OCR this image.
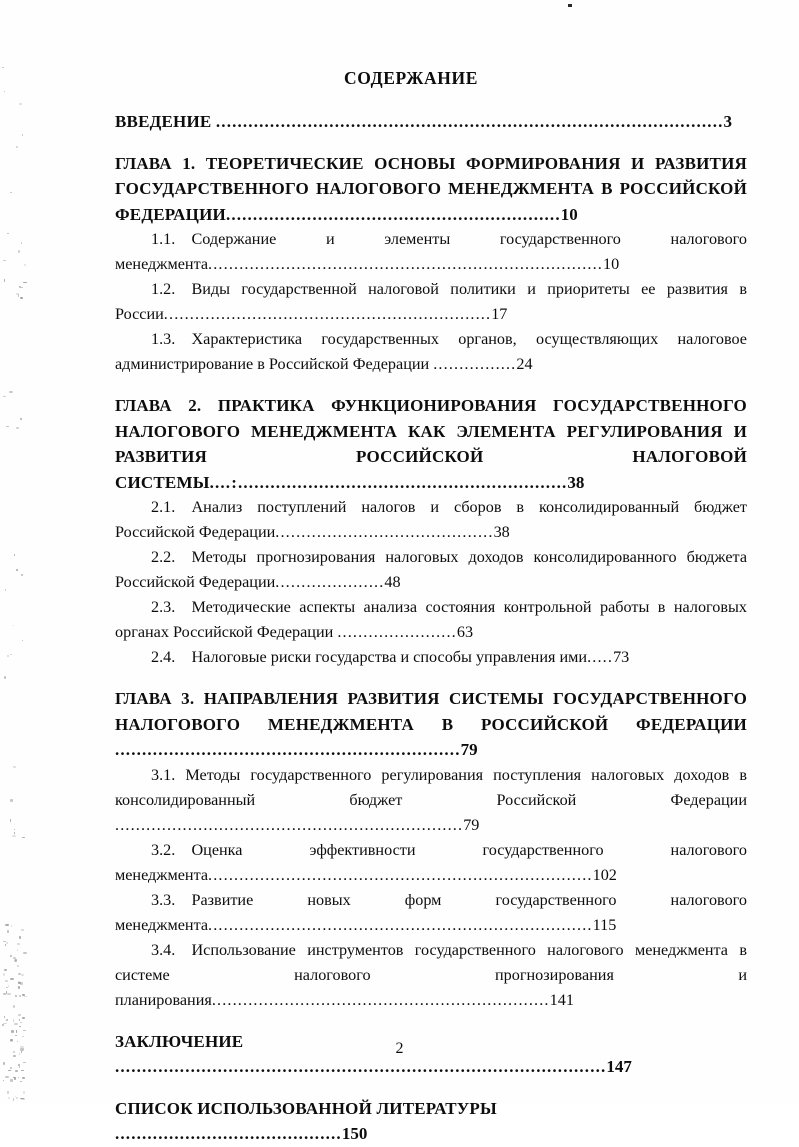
СОДЕРЖАНИЕ
ВВЕДЕНИЕ ..............................................................................................3
ГЛАВА 1. ТЕОРЕТИЧЕСКИЕ ОСНОВЫ ФОРМИРОВАНИЯ И РАЗВИТИЯ ГОСУДАРСТВЕННОГО НАЛОГОВОГО МЕНЕДЖМЕНТА В РОССИЙСКОЙ ФЕДЕРАЦИИ..............................................................10
1.1. Содержание и элементы государственного налогового менеджмента............................................................................10
1.2. Виды государственной налоговой политики и приоритеты ее развития в России...............................................................17
1.3. Характеристика государственных органов, осуществляющих налоговое администрирование в Российской Федерации ................24
ГЛАВА 2. ПРАКТИКА ФУНКЦИОНИРОВАНИЯ ГОСУДАРСТВЕННОГО НАЛОГОВОГО МЕНЕДЖМЕНТА КАК ЭЛЕМЕНТА РЕГУЛИРОВАНИЯ И РАЗВИТИЯ РОССИЙСКОЙ НАЛОГОВОЙ СИСТЕМЫ....:.............................................................38
2.1. Анализ поступлений налогов и сборов в консолидированный бюджет Российской Федерации..........................................38
2.2. Методы прогнозирования налоговых доходов консолидированного бюджета Российской Федерации.....................48
2.3. Методические аспекты анализа состояния контрольной работы в налоговых органах Российской Федерации .......................63
2.4. Налоговые риски государства и способы управления ими.....73
ГЛАВА 3. НАПРАВЛЕНИЯ РАЗВИТИЯ СИСТЕМЫ ГОСУДАРСТВЕННОГО НАЛОГОВОГО МЕНЕДЖМЕНТА В РОССИЙСКОЙ ФЕДЕРАЦИИ ................................................................79
3.1. Методы государственного регулирования поступления налоговых доходов в консолидированный бюджет Российской Федерации ...................................................................79
3.2. Оценка эффективности государственного налогового менеджмента..........................................................................102
3.3. Развитие новых форм государственного налогового менеджмента..........................................................................115
3.4. Использование инструментов государственного налогового менеджмента в системе налогового прогнозирования и планирования.................................................................141
ЗАКЛЮЧЕНИЕ ...........................................................................................147
СПИСОК ИСПОЛЬЗОВАННОЙ ЛИТЕРАТУРЫ ..........................................150
2
